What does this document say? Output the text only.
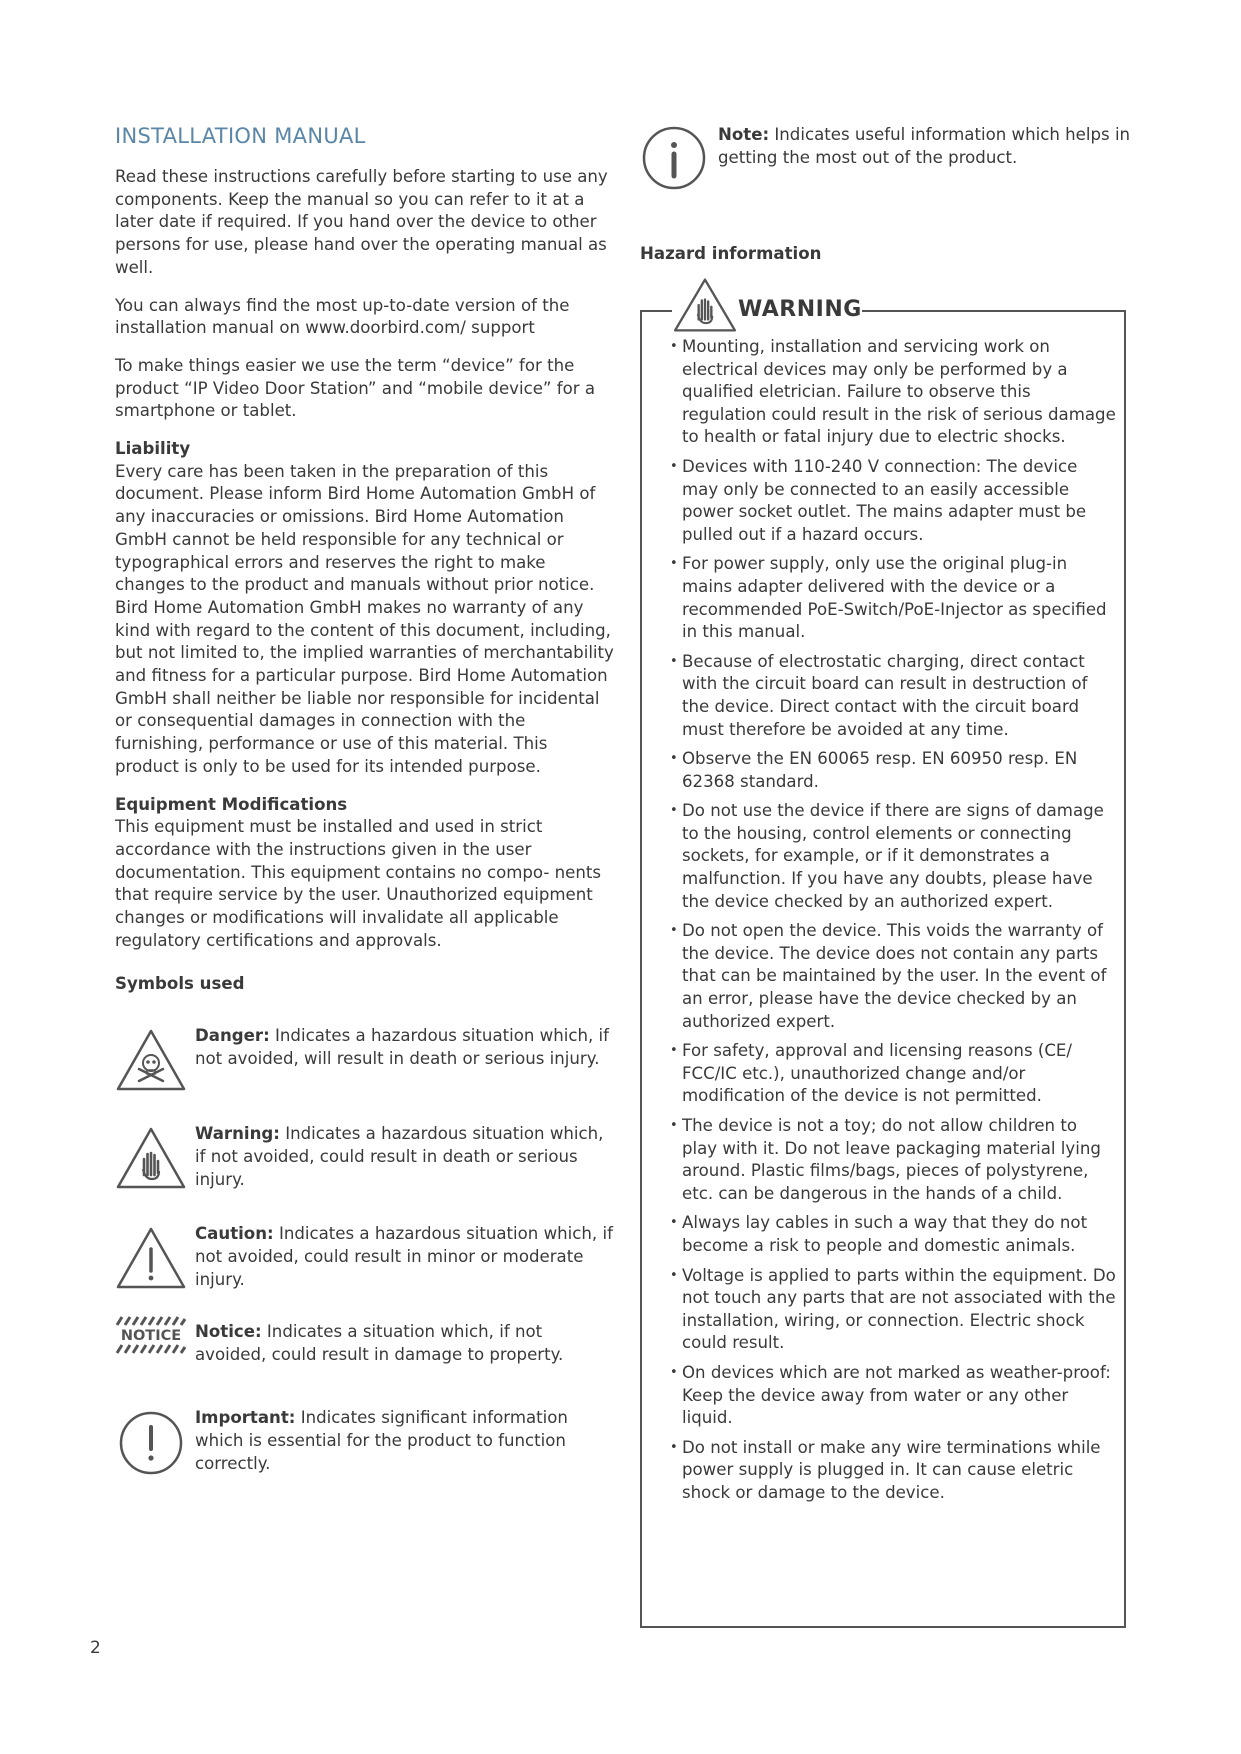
INSTALLATION MANUAL

Read these instructions carefully before starting to use any components. Keep the manual so you can refer to it at a later date if required. If you hand over the device to other persons for use, please hand over the operating manual as well.

You can always find the most up-to-date version of the installation manual on www.doorbird.com/ support

To make things easier we use the term “device” for the product “IP Video Door Station” and “mobile device” for a smartphone or tablet.

Liability

Every care has been taken in the preparation of this document. Please inform Bird Home Automation GmbH of any inaccuracies or omissions. Bird Home Automation GmbH cannot be held responsible for any technical or typographical errors and reserves the right to make changes to the product and manuals without prior notice. Bird Home Automation GmbH makes no warranty of any kind with regard to the content of this document, including, but not limited to, the implied warranties of merchantability and fitness for a particular purpose. Bird Home Automation GmbH shall neither be liable nor responsible for incidental or consequential damages in connection with the furnishing, performance or use of this material. This product is only to be used for its intended purpose.

Equipment Modifications

This equipment must be installed and used in strict accordance with the instructions given in the user documentation. This equipment contains no compo- nents that require service by the user. Unauthorized equipment changes or modifications will invalidate all applicable regulatory certifications and approvals.

Symbols used

Danger: Indicates a hazardous situation which, if not avoided, will result in death or serious injury.
Warning: Indicates a hazardous situation which, if not avoided, could result in death or serious injury.
Caution: Indicates a hazardous situation which, if not avoided, could result in minor or moderate injury.
NOTICE Notice: Indicates a situation which, if not avoided, could result in damage to property.
Important: Indicates significant information which is essential for the product to function correctly.
Note: Indicates useful information which helps in getting the most out of the product.
Hazard information
WARNING
• Mounting, installation and servicing work on electrical devices may only be performed by a qualified eletrician. Failure to observe this regulation could result in the risk of serious damage to health or fatal injury due to electric shocks.
• Devices with 110-240 V connection: The device may only be connected to an easily accessible power socket outlet. The mains adapter must be pulled out if a hazard occurs.
• For power supply, only use the original plug-in mains adapter delivered with the device or a recommended PoE-Switch/PoE-Injector as specified in this manual.
• Because of electrostatic charging, direct contact with the circuit board can result in destruction of the device. Direct contact with the circuit board must therefore be avoided at any time.
• Observe the EN 60065 resp. EN 60950 resp. EN 62368 standard.
• Do not use the device if there are signs of damage to the housing, control elements or connecting sockets, for example, or if it demonstrates a malfunction. If you have any doubts, please have the device checked by an authorized expert.
• Do not open the device. This voids the warranty of the device. The device does not contain any parts that can be maintained by the user. In the event of an error, please have the device checked by an authorized expert.
• For safety, approval and licensing reasons (CE/ FCC/IC etc.), unauthorized change and/or modification of the device is not permitted.
• The device is not a toy; do not allow children to play with it. Do not leave packaging material lying around. Plastic films/bags, pieces of polystyrene, etc. can be dangerous in the hands of a child.
• Always lay cables in such a way that they do not become a risk to people and domestic animals.
• Voltage is applied to parts within the equipment. Do not touch any parts that are not associated with the installation, wiring, or connection. Electric shock could result.
• On devices which are not marked as weather-proof: Keep the device away from water or any other liquid.
• Do not install or make any wire terminations while power supply is plugged in. It can cause eletric shock or damage to the device.
2
